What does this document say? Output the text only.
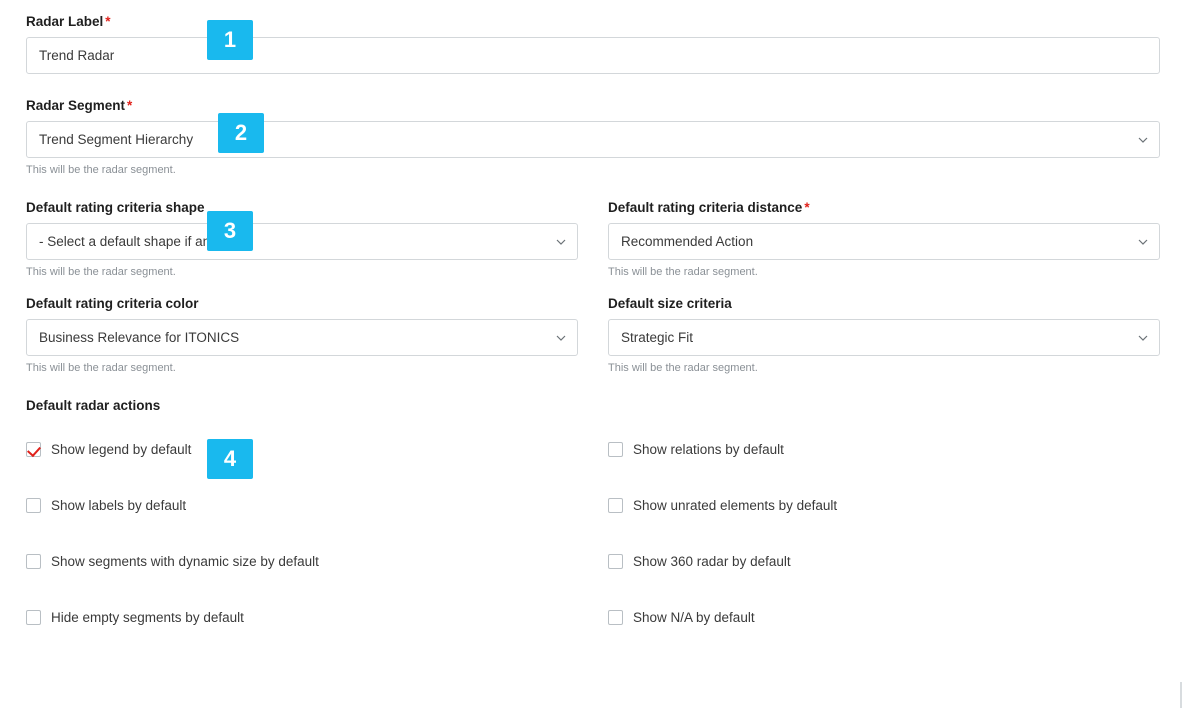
Radar Label *
Trend Radar
Radar Segment *
Trend Segment Hierarchy
This will be the radar segment.
Default rating criteria shape
- Select a default shape if any -
This will be the radar segment.
Default rating criteria distance *
Recommended Action
This will be the radar segment.
Default rating criteria color
Business Relevance for ITONICS
This will be the radar segment.
Default size criteria
Strategic Fit
This will be the radar segment.
Default radar actions
Show legend by default
Show labels by default
Show segments with dynamic size by default
Hide empty segments by default
Show relations by default
Show unrated elements by default
Show 360 radar by default
Show N/A by default
1
2
3
4
